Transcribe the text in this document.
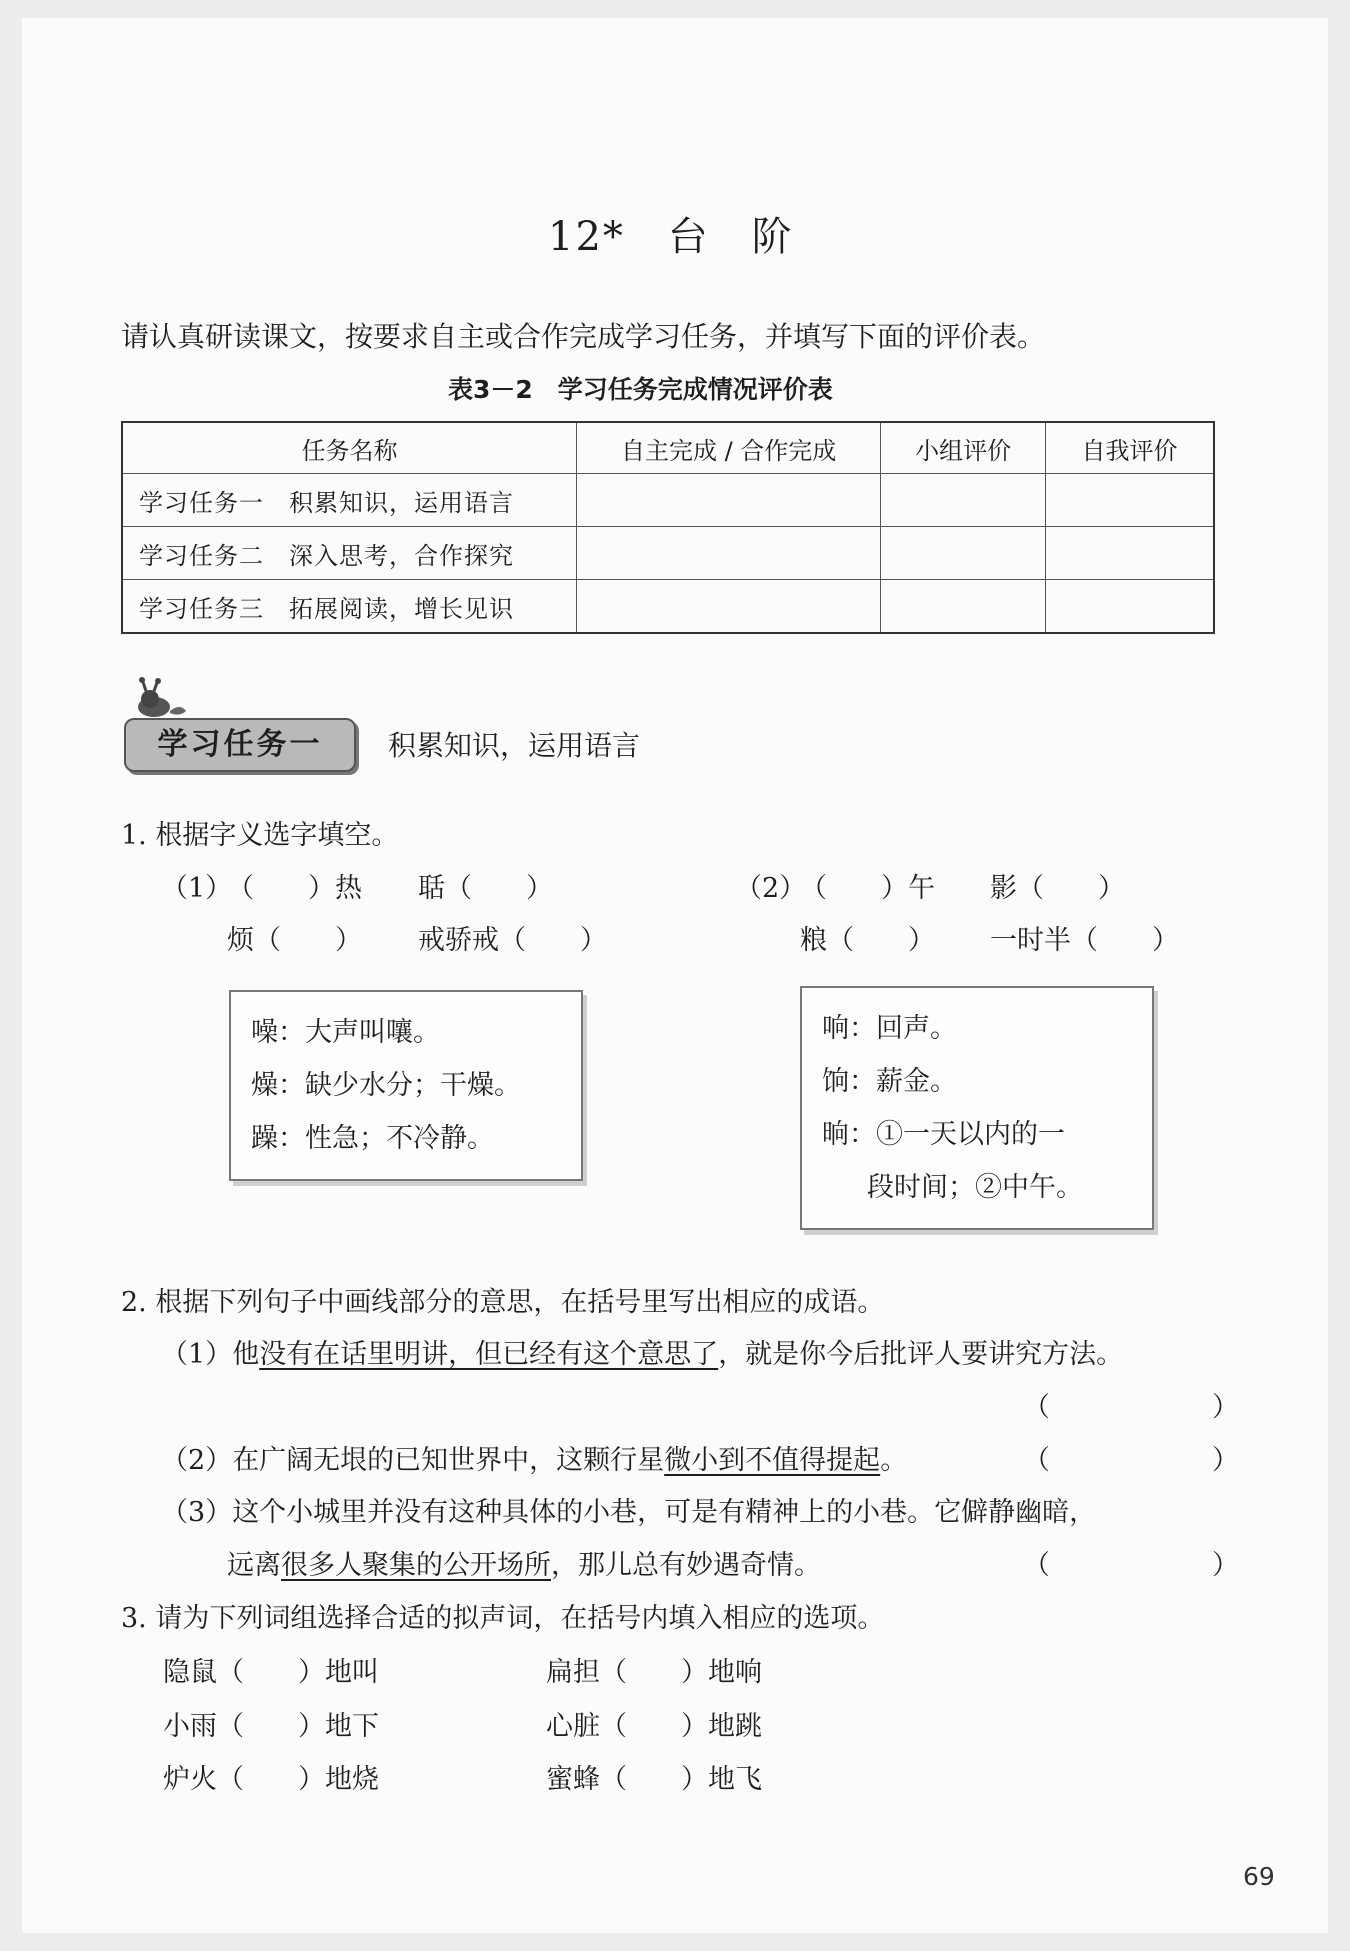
12* 台　阶
请认真研读课文，按要求自主或合作完成学习任务，并填写下面的评价表。
表3－2　学习任务完成情况评价表
任务名称	自主完成 / 合作完成	小组评价	自我评价
学习任务一　积累知识，运用语言			
学习任务二　深入思考，合作探究			
学习任务三　拓展阅读，增长见识			
学习任务一	积累知识，运用语言
1. 根据字义选字填空。
（1）
（　　）热 聒（　　）
烦（　　） 戒骄戒（　　）
（2）
（　　）午 影（　　）
粮（　　） 一时半（　　）
噪：大声叫嚷。
燥：缺少水分；干燥。
躁：性急；不冷静。
响：回声。
饷：薪金。
晌：①一天以内的一
段时间；②中午。
2. 根据下列句子中画线部分的意思，在括号里写出相应的成语。
（1）他没有在话里明讲，但已经有这个意思了，就是你今后批评人要讲究方法。
（　　　　　　）
（2）在广阔无垠的已知世界中，这颗行星微小到不值得提起。	（　　　　　　）
（3）这个小城里并没有这种具体的小巷，可是有精神上的小巷。它僻静幽暗，
远离很多人聚集的公开场所，那儿总有妙遇奇情。	（　　　　　　）
3. 请为下列词组选择合适的拟声词，在括号内填入相应的选项。
隐鼠（　　）地叫
小雨（　　）地下
炉火（　　）地烧
扁担（　　）地响
心脏（　　）地跳
蜜蜂（　　）地飞
69
